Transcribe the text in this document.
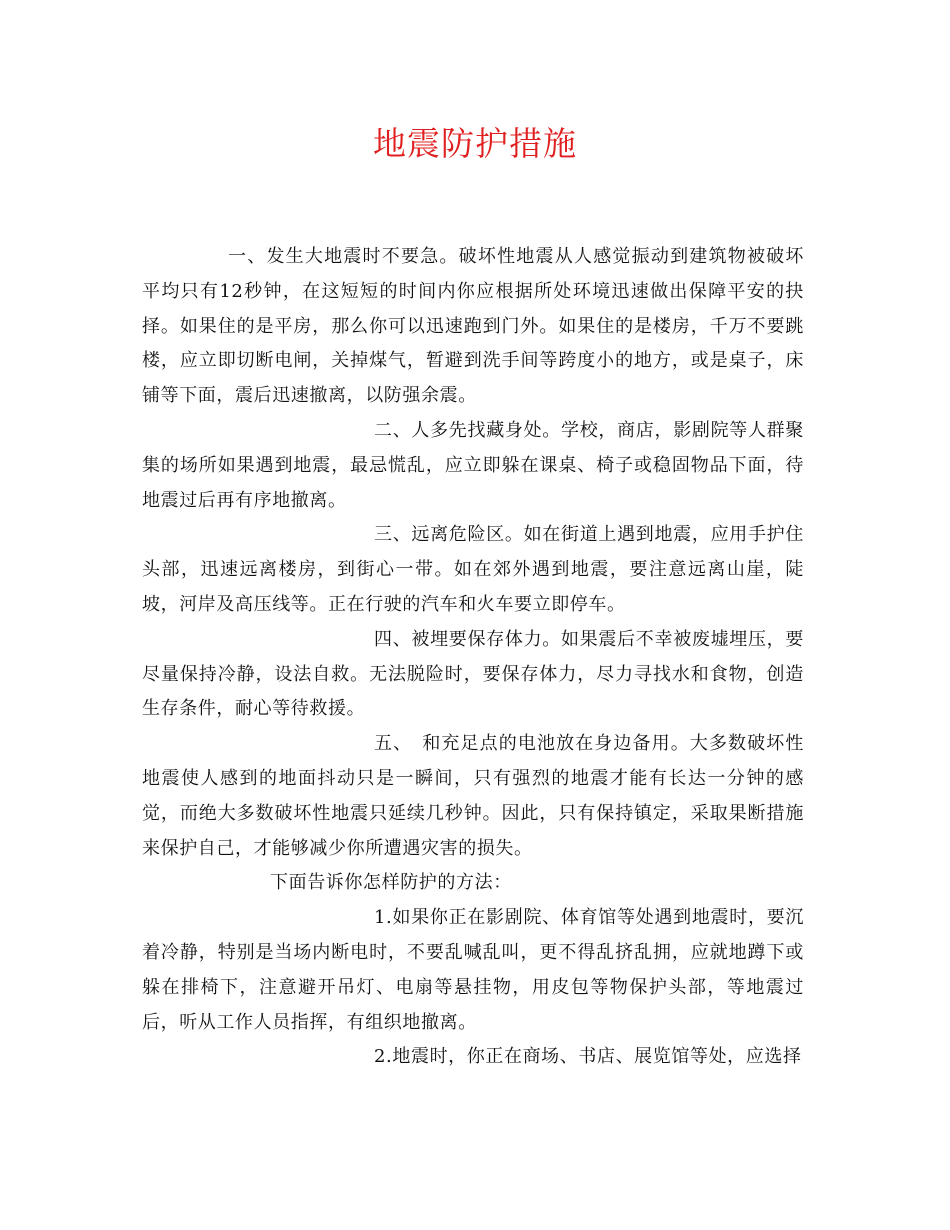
地震防护措施

一、发生大地震时不要急。破坏性地震从人感觉振动到建筑物被破坏平均只有12秒钟，在这短短的时间内你应根据所处环境迅速做出保障平安的抉择。如果住的是平房，那么你可以迅速跑到门外。如果住的是楼房，千万不要跳楼，应立即切断电闸，关掉煤气，暂避到洗手间等跨度小的地方，或是桌子，床铺等下面，震后迅速撤离，以防强余震。

二、人多先找藏身处。学校，商店，影剧院等人群聚集的场所如果遇到地震，最忌慌乱，应立即躲在课桌、椅子或稳固物品下面，待地震过后再有序地撤离。

三、远离危险区。如在街道上遇到地震，应用手护住头部，迅速远离楼房，到街心一带。如在郊外遇到地震，要注意远离山崖，陡坡，河岸及高压线等。正在行驶的汽车和火车要立即停车。

四、被埋要保存体力。如果震后不幸被废墟埋压，要尽量保持冷静，设法自救。无法脱险时，要保存体力，尽力寻找水和食物，创造生存条件，耐心等待救援。

五、　和充足点的电池放在身边备用。大多数破坏性地震使人感到的地面抖动只是一瞬间，只有强烈的地震才能有长达一分钟的感觉，而绝大多数破坏性地震只延续几秒钟。因此，只有保持镇定，采取果断措施来保护自己，才能够减少你所遭遇灾害的损失。

下面告诉你怎样防护的方法：

1.如果你正在影剧院、体育馆等处遇到地震时，要沉着冷静，特别是当场内断电时，不要乱喊乱叫，更不得乱挤乱拥，应就地蹲下或躲在排椅下，注意避开吊灯、电扇等悬挂物，用皮包等物保护头部，等地震过后，听从工作人员指挥，有组织地撤离。

2.地震时，你正在商场、书店、展览馆等处，应选择
